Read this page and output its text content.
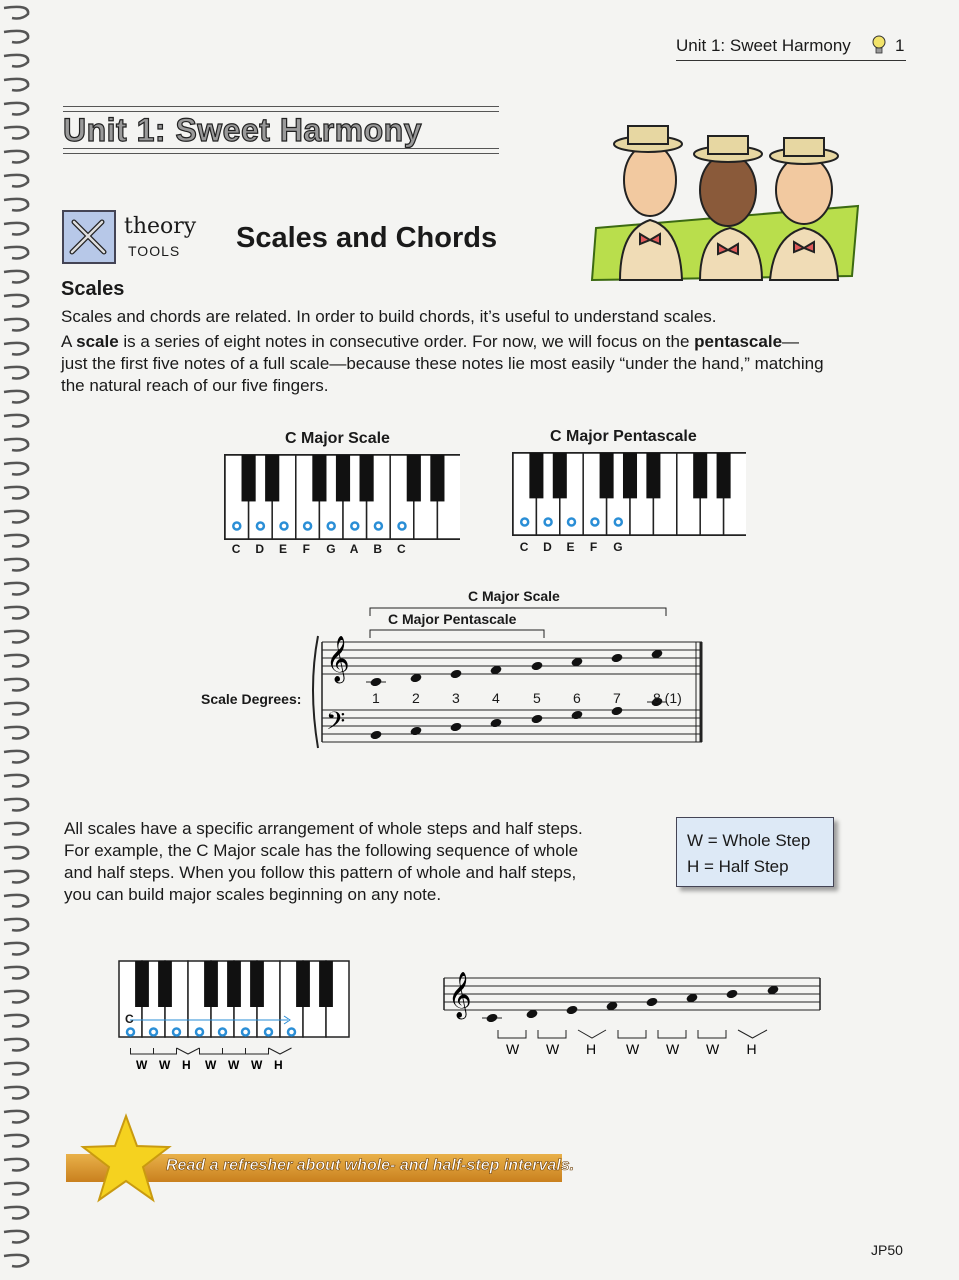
Unit 1: Sweet Harmony	1
Unit 1: Sweet Harmony
theory
TOOLS Scales and Chords
Scales
Scales and chords are related. In order to build chords, it’s useful to understand scales.
A scale is a series of eight notes in consecutive order. For now, we will focus on the pentascale—
just the first five notes of a full scale—because these notes lie most easily “under the hand,” matching
the natural reach of our five fingers.
C Major Scale	C Major Pentascale
C D E F G A B C	C D E F G
𝄞
𝄢
C Major Scale
C Major Pentascale
Scale Degrees:	1 2 3 4 5 6 7 8 (1)
All scales have a specific arrangement of whole steps and half steps.
For example, the C Major scale has the following sequence of whole
and half steps. When you follow this pattern of whole and half steps,
you can build major scales beginning on any note.
W = Whole Step
H = Half Step
W W H W W W H
C
𝄞
W W H W W W H
Read a refresher about whole- and half-step intervals.
JP50
